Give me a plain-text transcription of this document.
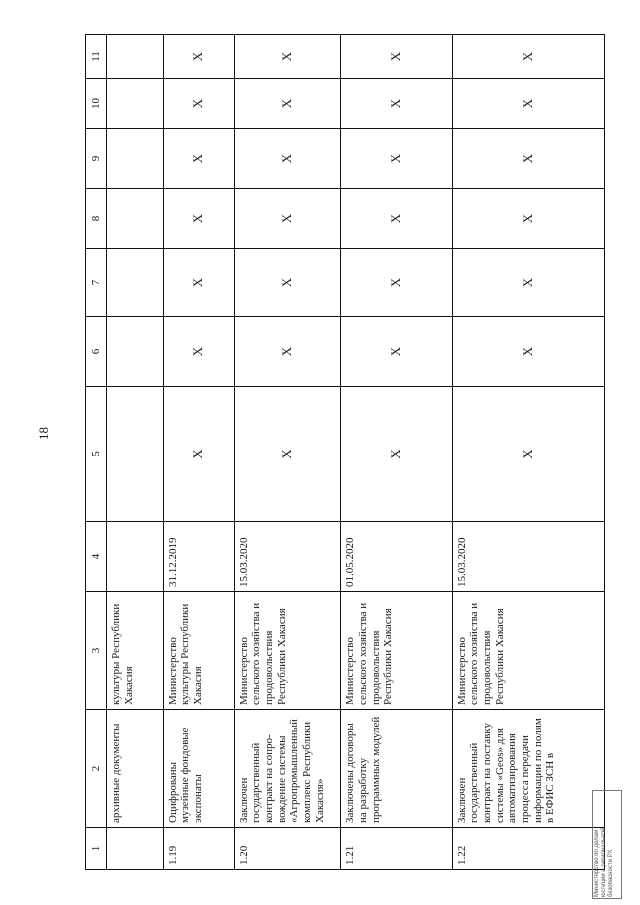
18
1	2	3	4	5	6	7	8	9	10	11
	архивные документы	культуры Республики Хакасия								
1.19	Оцифрованы музейные фондовые экспонаты	Министерство культуры Республики Хакасия	31.12.2019	X	X	X	X	X	X	X
1.20	Заключен государственный контракт на сопро-вождение системы «Агропромышленный комплекс Республики Хакасия»	Министерство сельского хозяйства и продовольствия Республики Хакасия	15.03.2020	X	X	X	X	X	X	X
1.21	Заключены договоры на разработку программных модулей	Министерство сельского хозяйства и продовольствия Республики Хакасия	01.05.2020	X	X	X	X	X	X	X
1.22	Заключен государственный контракт на поставку системы «Geos» для автоматизирования процесса передачи информации по полям в ЕФИС ЗСН в	Министерство сельского хозяйства и продовольствия Республики Хакасия	15.03.2020	X	X	X	X	X	X	X
Министерство по делам
юстиции и региональной
безопасности РХ
